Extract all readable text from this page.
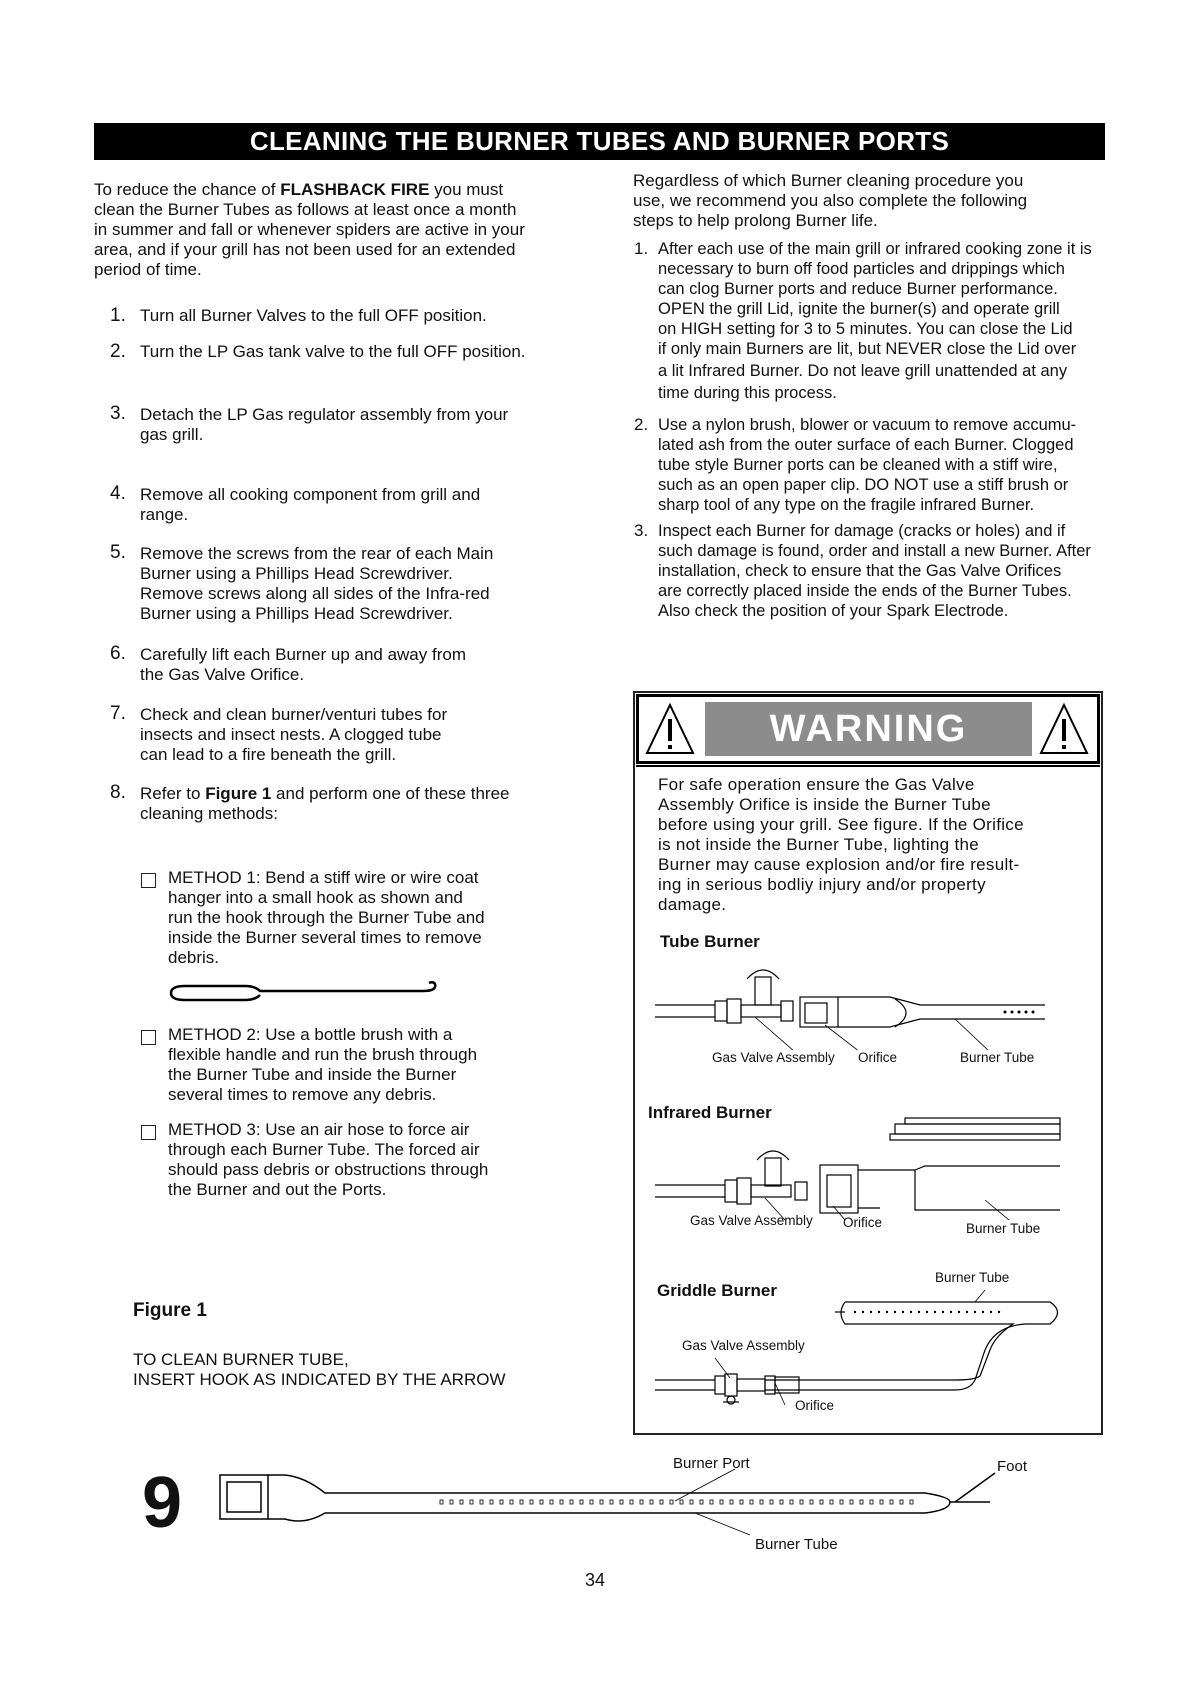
CLEANING THE BURNER TUBES AND BURNER PORTS
To reduce the chance of FLASHBACK FIRE you must
clean the Burner Tubes as follows at least once a month
in summer and fall or whenever spiders are active in your
area, and if your grill has not been used for an extended
period of time.
1. Turn all Burner Valves to the full OFF position.
2. Turn the LP Gas tank valve to the full OFF position.
3. Detach the LP Gas regulator assembly from your
gas grill.
4. Remove all cooking component from grill and
range.
5. Remove the screws from the rear of each Main
Burner using a Phillips Head Screwdriver.
Remove screws along all sides of the Infra-red
Burner using a Phillips Head Screwdriver.
6. Carefully lift each Burner up and away from
the Gas Valve Orifice.
7. Check and clean burner/venturi tubes for
insects and insect nests. A clogged tube
can lead to a fire beneath the grill.
8. Refer to Figure 1 and perform one of these three
cleaning methods:
METHOD 1: Bend a stiff wire or wire coat
hanger into a small hook as shown and
run the hook through the Burner Tube and
inside the Burner several times to remove
debris.
METHOD 2: Use a bottle brush with a
flexible handle and run the brush through
the Burner Tube and inside the Burner
several times to remove any debris.
METHOD 3: Use an air hose to force air
through each Burner Tube. The forced air
should pass debris or obstructions through
the Burner and out the Ports.
Figure 1
TO CLEAN BURNER TUBE,
INSERT HOOK AS INDICATED BY THE ARROW
Regardless of which Burner cleaning procedure you
use, we recommend you also complete the following
steps to help prolong Burner life.
1. After each use of the main grill or infrared cooking zone it is
necessary to burn off food particles and drippings which
can clog Burner ports and reduce Burner performance.
OPEN the grill Lid, ignite the burner(s) and operate grill
on HIGH setting for 3 to 5 minutes. You can close the Lid
if only main Burners are lit, but NEVER close the Lid over
a lit Infrared Burner. Do not leave grill unattended at any
time during this process.
2. Use a nylon brush, blower or vacuum to remove accumu-
lated ash from the outer surface of each Burner. Clogged
tube style Burner ports can be cleaned with a stiff wire,
such as an open paper clip. DO NOT use a stiff brush or
sharp tool of any type on the fragile infrared Burner.
3. Inspect each Burner for damage (cracks or holes) and if
such damage is found, order and install a new Burner. After
installation, check to ensure that the Gas Valve Orifices
are correctly placed inside the ends of the Burner Tubes.
Also check the position of your Spark Electrode.
WARNING
For safe operation ensure the Gas Valve
Assembly Orifice is inside the Burner Tube
before using your grill. See figure. If the Orifice
is not inside the Burner Tube, lighting the
Burner may cause explosion and/or fire result-
ing in serious bodliy injury and/or property
damage.
Tube Burner
Gas Valve Assembly Orifice	Burner Tube
Infrared Burner
Gas Valve Assembly Orifice	Burner Tube
Burner Tube
Griddle Burner
Gas Valve Assembly
Orifice
9	Burner Port	Foot
Burner Tube
34
